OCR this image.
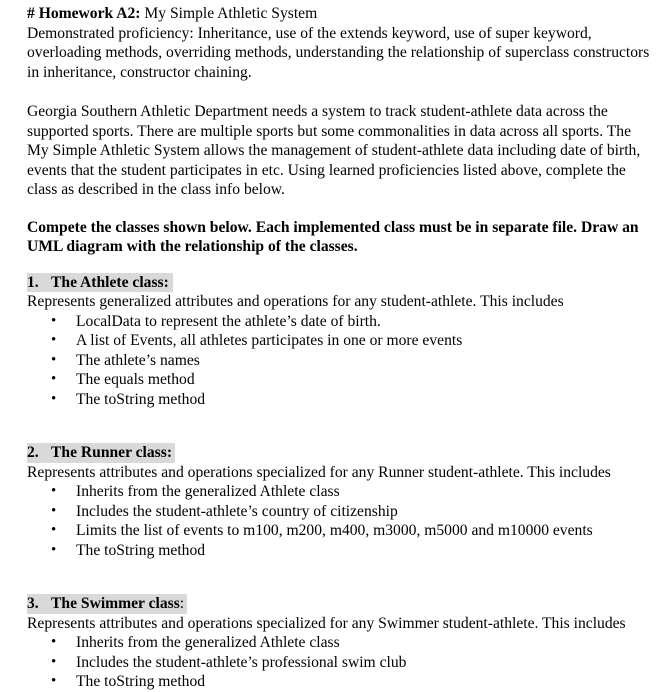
# Homework A2: My Simple Athletic System

Demonstrated proficiency: Inheritance, use of the extends keyword, use of super keyword, overloading methods, overriding methods, understanding the relationship of superclass constructors in inheritance, constructor chaining.

Georgia Southern Athletic Department needs a system to track student-athlete data across the supported sports. There are multiple sports but some commonalities in data across all sports. The My Simple Athletic System allows the management of student-athlete data including date of birth, events that the student participates in etc. Using learned proficiencies listed above, complete the class as described in the class info below.

Compete the classes shown below. Each implemented class must be in separate file. Draw an UML diagram with the relationship of the classes.

1. The Athlete class:

Represents generalized attributes and operations for any student-athlete. This includes

• LocalData to represent the athlete’s date of birth.
• A list of Events, all athletes participates in one or more events
• The athlete’s names
• The equals method
• The toString method
2. The Runner class:

Represents attributes and operations specialized for any Runner student-athlete. This includes

• Inherits from the generalized Athlete class
• Includes the student-athlete’s country of citizenship
• Limits the list of events to m100, m200, m400, m3000, m5000 and m10000 events
• The toString method
3. The Swimmer class:

Represents attributes and operations specialized for any Swimmer student-athlete. This includes

• Inherits from the generalized Athlete class
• Includes the student-athlete’s professional swim club
• The toString method
